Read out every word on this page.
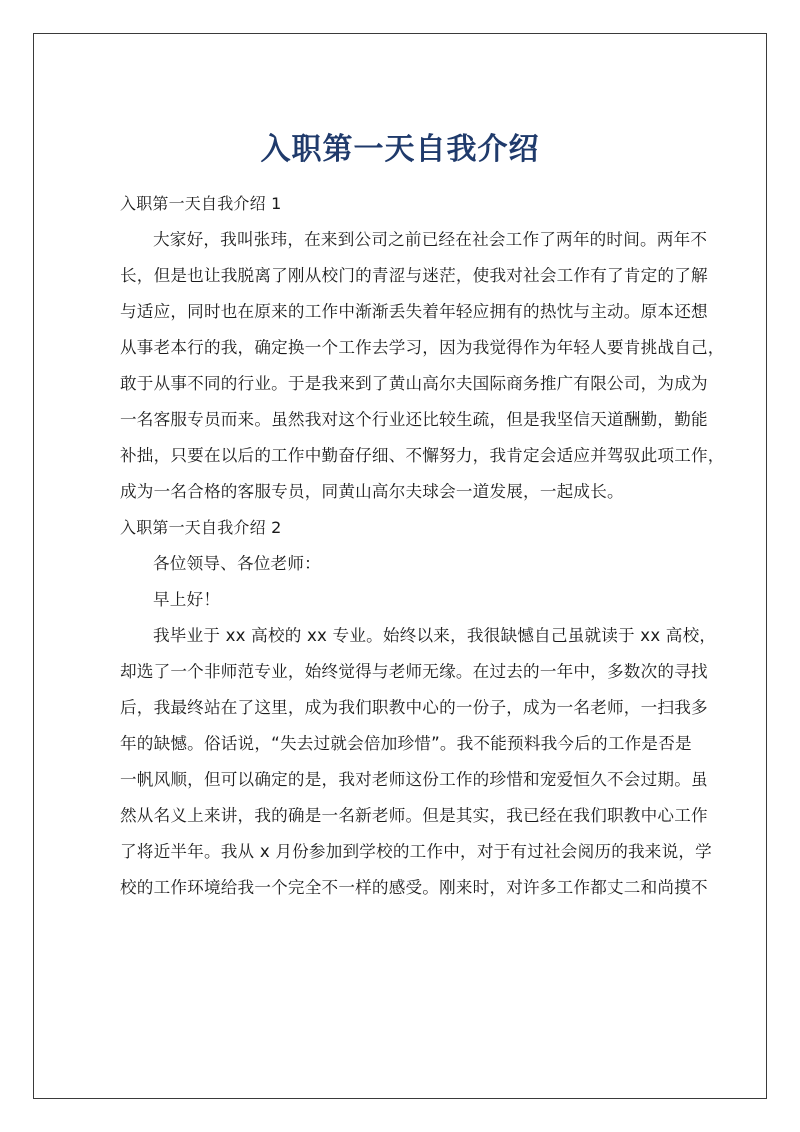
入职第一天自我介绍
入职第一天自我介绍 1
大家好，我叫张玮，在来到公司之前已经在社会工作了两年的时间。两年不
长，但是也让我脱离了刚从校门的青涩与迷茫，使我对社会工作有了肯定的了解
与适应，同时也在原来的工作中渐渐丢失着年轻应拥有的热忱与主动。原本还想
从事老本行的我，确定换一个工作去学习，因为我觉得作为年轻人要肯挑战自己，
敢于从事不同的行业。于是我来到了黄山高尔夫国际商务推广有限公司，为成为
一名客服专员而来。虽然我对这个行业还比较生疏，但是我坚信天道酬勤，勤能
补拙，只要在以后的工作中勤奋仔细、不懈努力，我肯定会适应并驾驭此项工作，
成为一名合格的客服专员，同黄山高尔夫球会一道发展，一起成长。
入职第一天自我介绍 2
各位领导、各位老师：
早上好！
我毕业于 xx 高校的 xx 专业。始终以来，我很缺憾自己虽就读于 xx 高校，
却选了一个非师范专业，始终觉得与老师无缘。在过去的一年中，多数次的寻找
后，我最终站在了这里，成为我们职教中心的一份子，成为一名老师，一扫我多
年的缺憾。俗话说，“失去过就会倍加珍惜”。我不能预料我今后的工作是否是
一帆风顺，但可以确定的是，我对老师这份工作的珍惜和宠爱恒久不会过期。虽
然从名义上来讲，我的确是一名新老师。但是其实，我已经在我们职教中心工作
了将近半年。我从 x 月份参加到学校的工作中，对于有过社会阅历的我来说，学
校的工作环境给我一个完全不一样的感受。刚来时，对许多工作都丈二和尚摸不
